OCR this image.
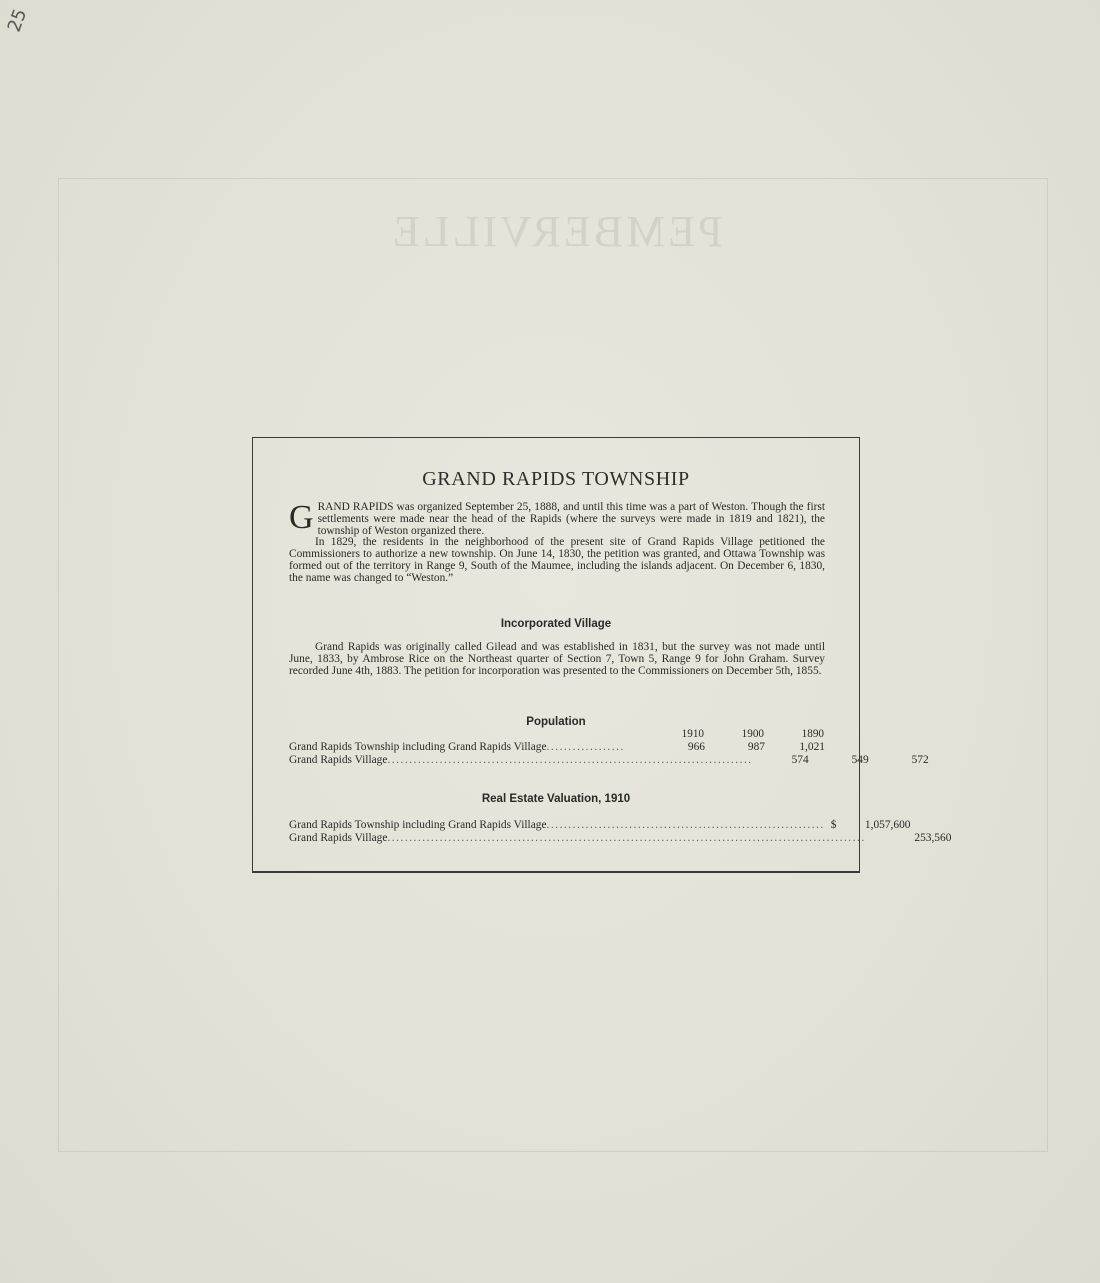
PEMBERVILLE
25
GRAND RAPIDS TOWNSHIP

GRAND RAPIDS was organized September 25, 1888, and until this time was a part of Weston. Though the first settlements were made near the head of the Rapids (where the surveys were made in 1819 and 1821), the township of Weston organized there.

In 1829, the residents in the neighborhood of the present site of Grand Rapids Village petitioned the Commissioners to authorize a new township. On June 14, 1830, the petition was granted, and Ottawa Township was formed out of the territory in Range 9, South of the Maumee, including the islands adjacent. On December 6, 1830, the name was changed to “Weston.”

Incorporated Village

Grand Rapids was originally called Gilead and was established in 1831, but the survey was not made until June, 1833, by Ambrose Rice on the Northeast quarter of Section 7, Town 5, Range 9 for John Graham. Survey recorded June 4th, 1883. The petition for incorporation was presented to the Commissioners on December 5th, 1855.

Population
1910	1900	1890
Grand Rapids Township including Grand Rapids Village ..................	966	987	1,021
Grand Rapids Village ....................................................................................	574	549	572
Real Estate Valuation, 1910
Grand Rapids Township including Grand Rapids Village ................................................................ $	1,057,600
Grand Rapids Village ..............................................................................................................	253,560
